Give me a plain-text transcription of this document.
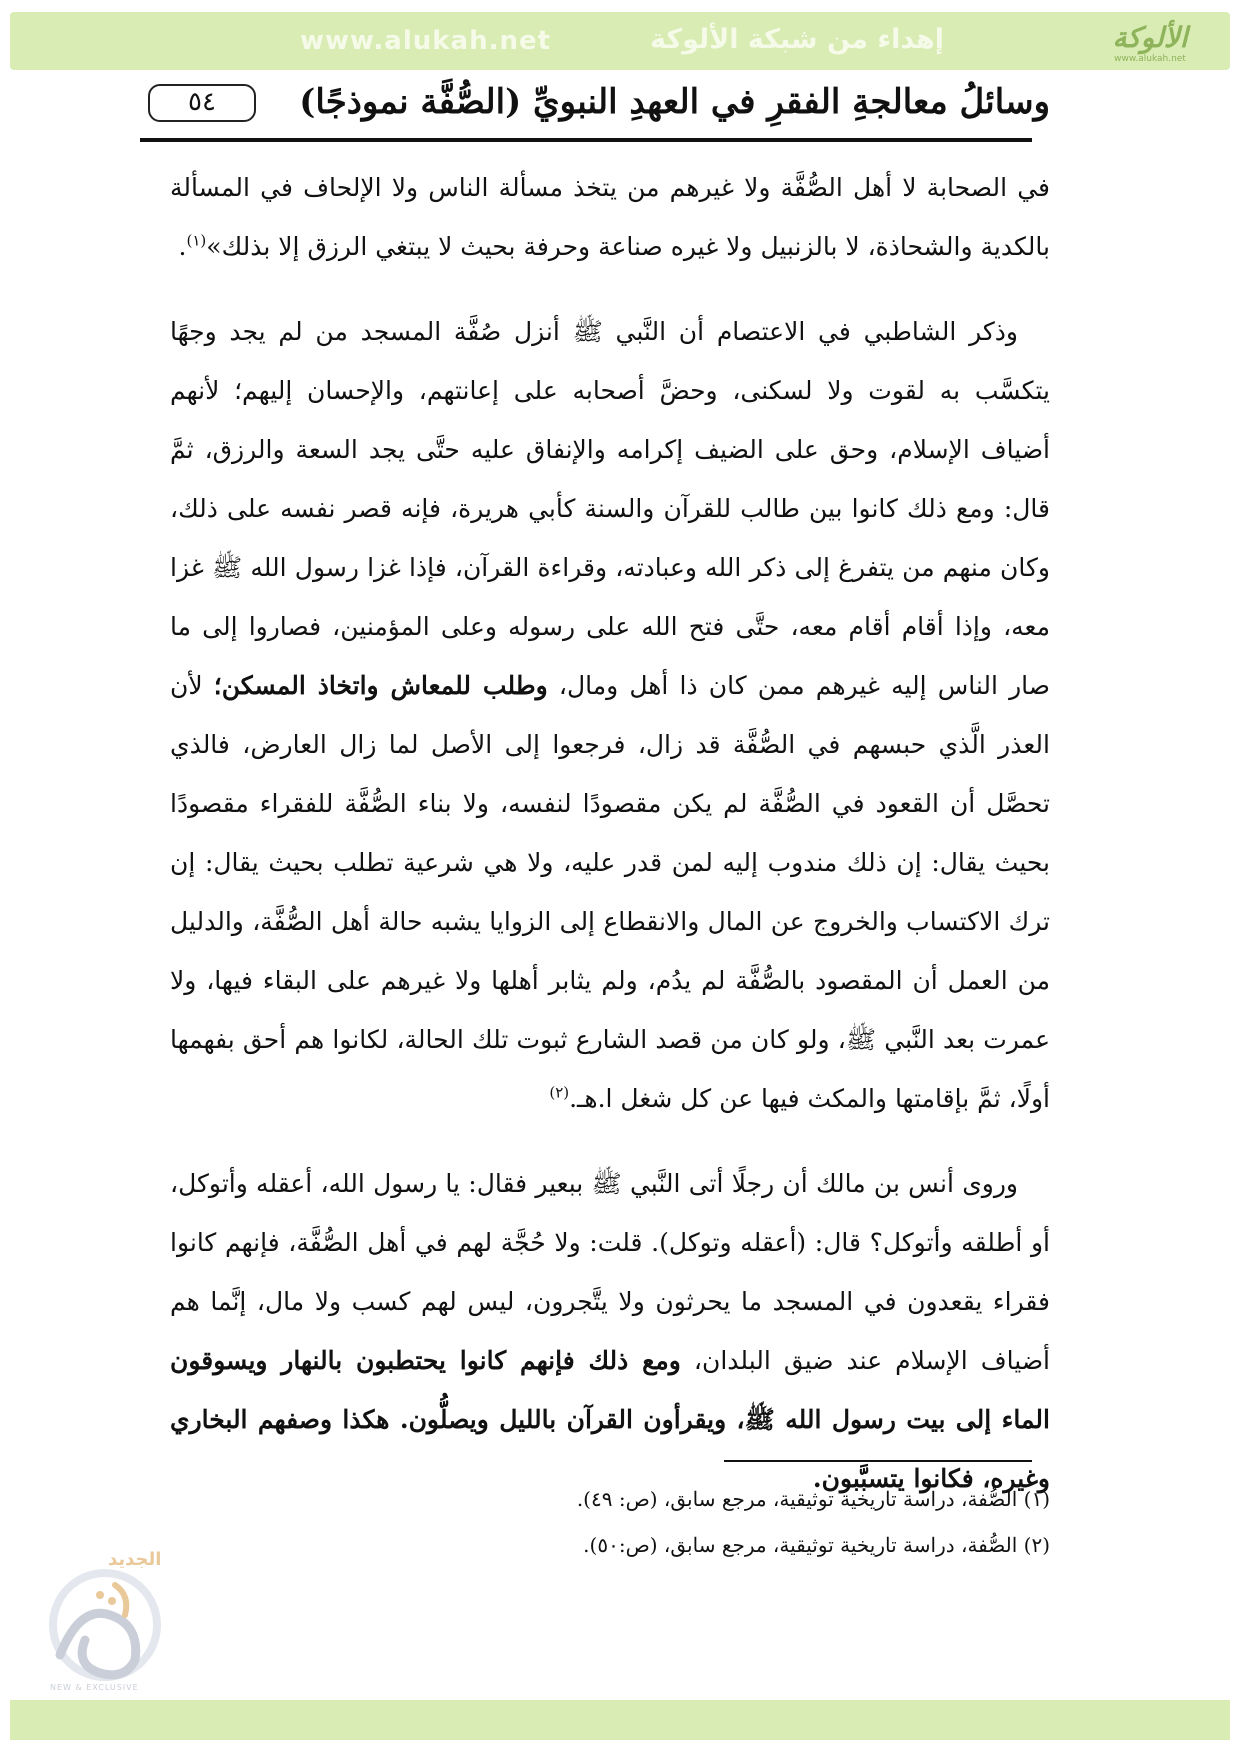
www.alukah.net	إهداء من شبكة الألوكة	الألوكة
www.alukah.net
٥٤	وسائلُ معالجةِ الفقرِ في العهدِ النبويِّ (الصُّفَّة نموذجًا)

في الصحابة لا أهل الصُّفَّة ولا غيرهم من يتخذ مسألة الناس ولا الإلحاف في المسألة بالكدية والشحاذة، لا بالزنبيل ولا غيره صناعة وحرفة بحيث لا يبتغي الرزق إلا بذلك»$^{(١)}$.

وذكر الشاطبي في الاعتصام أن النَّبي ﷺ أنزل صُفَّة المسجد من لم يجد وجهًا يتكسَّب به لقوت ولا لسكنى، وحضَّ أصحابه على إعانتهم، والإحسان إليهم؛ لأنهم أضياف الإسلام، وحق على الضيف إكرامه والإنفاق عليه حتَّى يجد السعة والرزق، ثمَّ قال: ومع ذلك كانوا بين طالب للقرآن والسنة كأبي هريرة، فإنه قصر نفسه على ذلك، وكان منهم من يتفرغ إلى ذكر الله وعبادته، وقراءة القرآن، فإذا غزا رسول الله ﷺ غزا معه، وإذا أقام أقام معه، حتَّى فتح الله على رسوله وعلى المؤمنين، فصاروا إلى ما صار الناس إليه غيرهم ممن كان ذا أهل ومال، وطلب للمعاش واتخاذ المسكن؛ لأن العذر الَّذي حبسهم في الصُّفَّة قد زال، فرجعوا إلى الأصل لما زال العارض، فالذي تحصَّل أن القعود في الصُّفَّة لم يكن مقصودًا لنفسه، ولا بناء الصُّفَّة للفقراء مقصودًا بحيث يقال: إن ذلك مندوب إليه لمن قدر عليه، ولا هي شرعية تطلب بحيث يقال: إن ترك الاكتساب والخروج عن المال والانقطاع إلى الزوايا يشبه حالة أهل الصُّفَّة، والدليل من العمل أن المقصود بالصُّفَّة لم يدُم، ولم يثابر أهلها ولا غيرهم على البقاء فيها، ولا عمرت بعد النَّبي ﷺ، ولو كان من قصد الشارع ثبوت تلك الحالة، لكانوا هم أحق بفهمها أولًا، ثمَّ بإقامتها والمكث فيها عن كل شغل ا.هـ.$^{(٢)}$

وروى أنس بن مالك أن رجلًا أتى النَّبي ﷺ ببعير فقال: يا رسول الله، أعقله وأتوكل، أو أطلقه وأتوكل؟ قال: (أعقله وتوكل). قلت: ولا حُجَّة لهم في أهل الصُّفَّة، فإنهم كانوا فقراء يقعدون في المسجد ما يحرثون ولا يتَّجرون، ليس لهم كسب ولا مال، إنَّما هم أضياف الإسلام عند ضيق البلدان، ومع ذلك فإنهم كانوا يحتطبون بالنهار ويسوقون الماء إلى بيت رسول الله ﷺ، ويقرأون القرآن بالليل ويصلُّون. هكذا وصفهم البخاري وغيره، فكانوا يتسبَّبون.

(١) الصُّفة، دراسة تاريخية توثيقية، مرجع سابق، (ص: ٤٩).

(٢) الصُّفة، دراسة تاريخية توثيقية، مرجع سابق، (ص:٥٠).

الجديد
NEW & EXCLUSIVE
